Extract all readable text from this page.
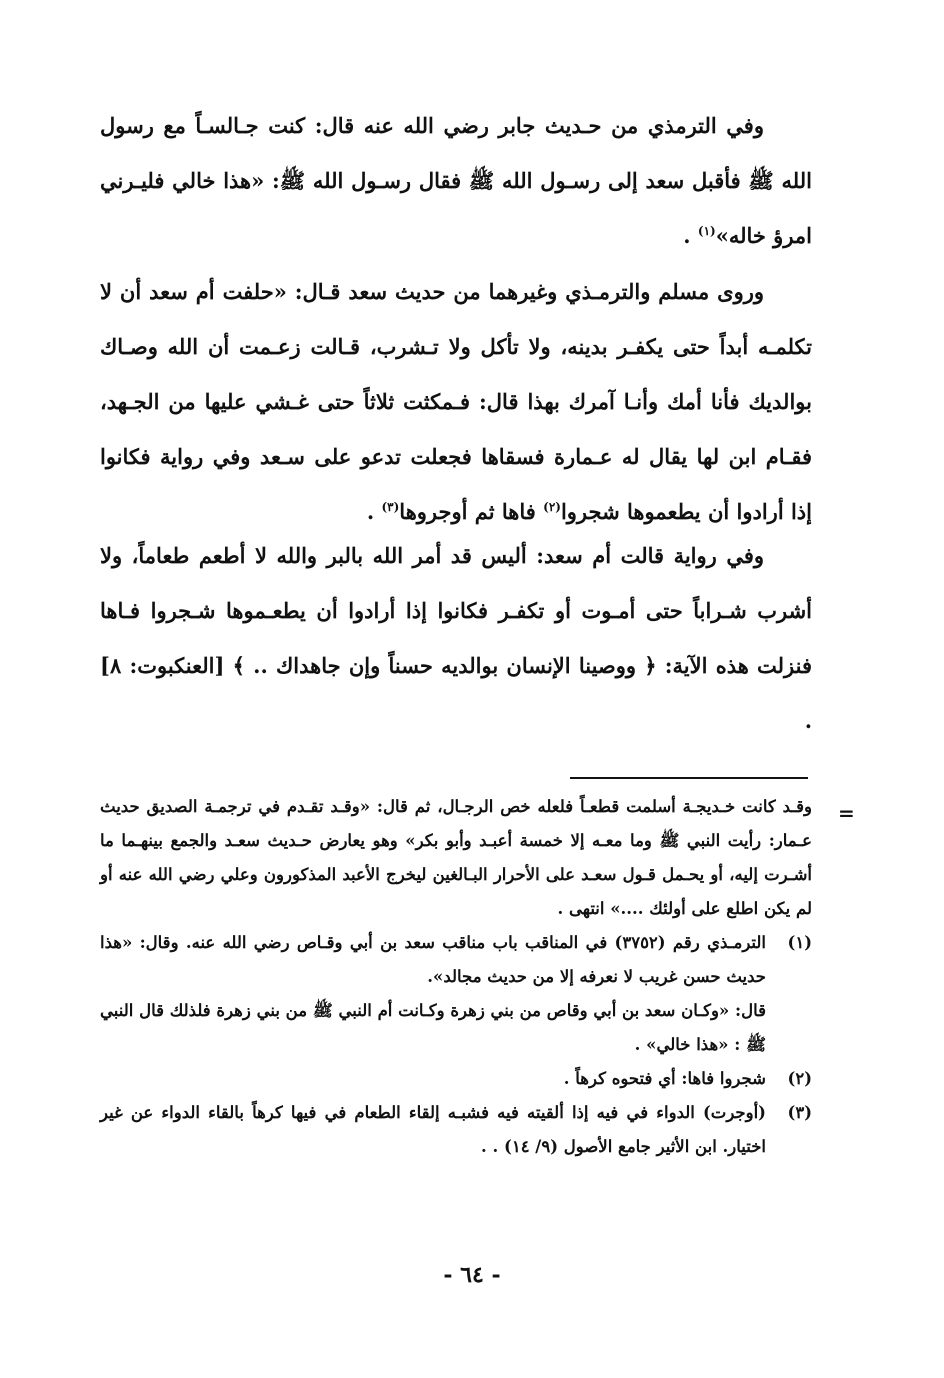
وفي الترمذي من حـديث جابر رضي الله عنه قال: كنت جـالسـاً مع رسول الله ﷺ فأقبل سعد إلى رسـول الله ﷺ فقال رسـول الله ﷺ: «هذا خالي فليـرني امرؤ خاله»$^{(١)}$ .

وروى مسلم والترمـذي وغيرهما من حديث سعد قـال: «حلفت أم سعد أن لا تكلمـه أبداً حتى يكفـر بدينه، ولا تأكل ولا تـشرب، قـالت زعـمت أن الله وصـاك بوالديك فأنا أمك وأنـا آمرك بهذا قال: فـمكثت ثلاثاً حتى غـشي عليها من الجـهد، فقـام ابن لها يقال له عـمارة فسقاها فجعلت تدعو على سـعد وفي رواية فكانوا إذا أرادوا أن يطعموها شجروا$^{(٢)}$ فاها ثم أوجروها$^{(٣)}$ .

وفي رواية قالت أم سعد: أليس قد أمر الله بالبر والله لا أطعم طعاماً، ولا أشرب شـراباً حتى أمـوت أو تكفـر فكانوا إذا أرادوا أن يطعـموها شـجروا فـاها فنزلت هذه الآية: ﴿ ووصينا الإنسان بوالديه حسناً وإن جاهداك .. ﴾ [العنكبوت: ٨] .

=

وقـد كانت خـديجـة أسلمت قطعـاً فلعله خص الرجـال، ثم قال: «وقـد تقـدم في ترجمـة الصديق حديث عـمار: رأيت النبي ﷺ وما معـه إلا خمسة أعبـد وأبو بكر» وهو يعارض حـديث سعـد والجمع بينهـما ما أشـرت إليه، أو يحـمل قـول سعـد على الأحرار البـالغين ليخرج الأعبد المذكورون وعلي رضي الله عنه أو لم يكن اطلع على أولئك ....» انتهى .

(١)
الترمـذي رقم (٣٧٥٢) في المناقب باب مناقب سعد بن أبي وقـاص رضي الله عنه. وقال: «هذا حديث حسن غريب لا نعرفه إلا من حديث مجالد».

قال: «وكـان سعد بن أبي وقاص من بني زهرة وكـانت أم النبي ﷺ من بني زهرة فلذلك قال النبي ﷺ : «هذا خالي» .

(٢)
شجروا فاها: أي فتحوه كرهاً .
(٣)
(أوجرت) الدواء في فيه إذا ألقيته فيه فشبـه إلقاء الطعام في فيها كرهاً بالقاء الدواء عن غير اختيار. ابن الأثير جامع الأصول (٩/ ١٤) . .
- ٦٤ -
